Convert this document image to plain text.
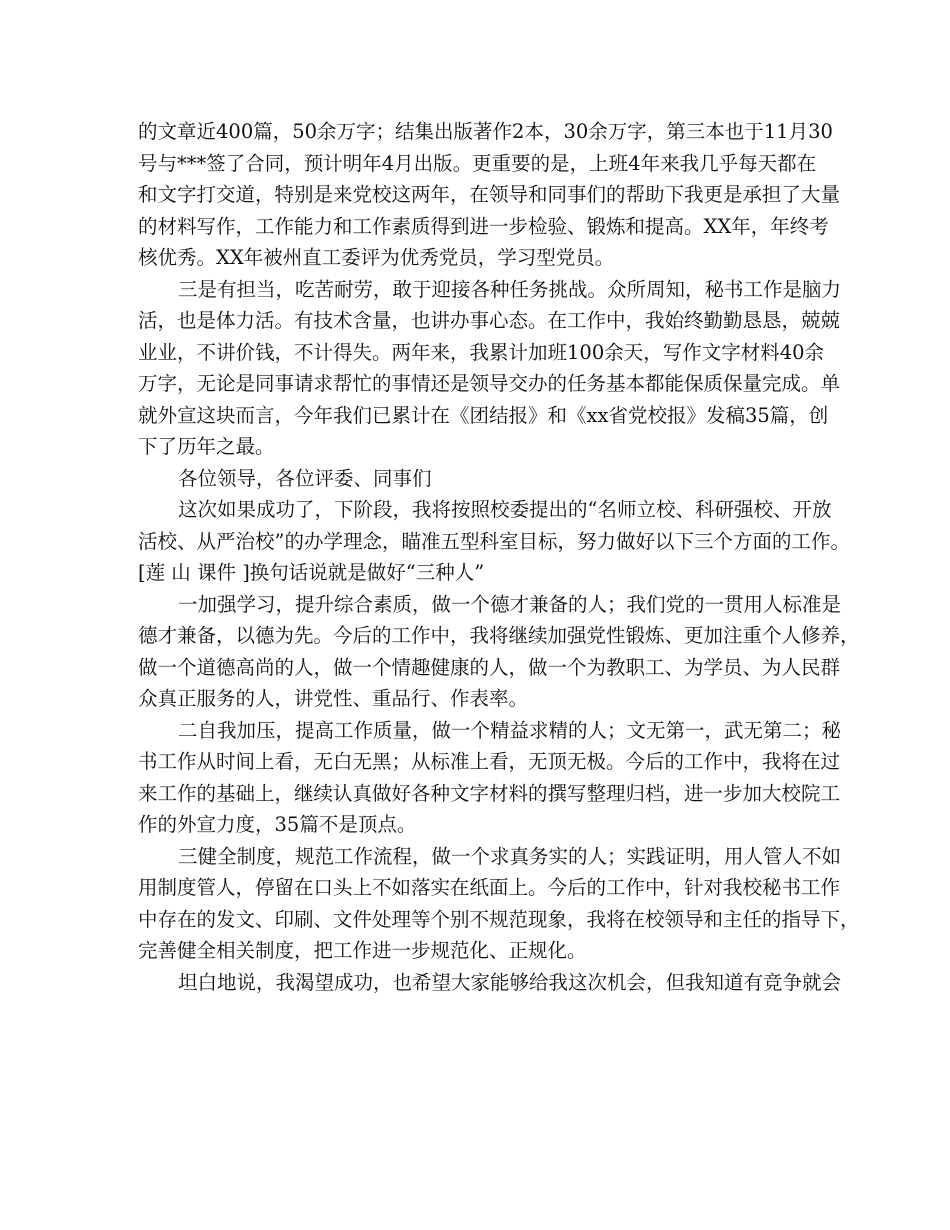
的文章近400篇，50余万字；结集出版著作2本，30余万字，第三本也于11月30
号与***签了合同，预计明年4月出版。更重要的是，上班4年来我几乎每天都在
和文字打交道，特别是来党校这两年，在领导和同事们的帮助下我更是承担了大量
的材料写作，工作能力和工作素质得到进一步检验、锻炼和提高。XX年，年终考
核优秀。XX年被州直工委评为优秀党员，学习型党员。
三是有担当，吃苦耐劳，敢于迎接各种任务挑战。众所周知，秘书工作是脑力
活，也是体力活。有技术含量，也讲办事心态。在工作中，我始终勤勤恳恳，兢兢
业业，不讲价钱，不计得失。两年来，我累计加班100余天，写作文字材料40余
万字，无论是同事请求帮忙的事情还是领导交办的任务基本都能保质保量完成。单
就外宣这块而言，今年我们已累计在《团结报》和《xx省党校报》发稿35篇，创
下了历年之最。
各位领导，各位评委、同事们
这次如果成功了，下阶段，我将按照校委提出的“名师立校、科研强校、开放
活校、从严治校”的办学理念，瞄准五型科室目标，努力做好以下三个方面的工作。
[莲 山 课件 ]换句话说就是做好“三种人”
一加强学习，提升综合素质，做一个德才兼备的人；我们党的一贯用人标准是
德才兼备，以德为先。今后的工作中，我将继续加强党性锻炼、更加注重个人修养，
做一个道德高尚的人，做一个情趣健康的人，做一个为教职工、为学员、为人民群
众真正服务的人，讲党性、重品行、作表率。
二自我加压，提高工作质量，做一个精益求精的人；文无第一，武无第二；秘
书工作从时间上看，无白无黑；从标准上看，无顶无极。今后的工作中，我将在过
来工作的基础上，继续认真做好各种文字材料的撰写整理归档，进一步加大校院工
作的外宣力度，35篇不是顶点。
三健全制度，规范工作流程，做一个求真务实的人；实践证明，用人管人不如
用制度管人，停留在口头上不如落实在纸面上。今后的工作中，针对我校秘书工作
中存在的发文、印刷、文件处理等个别不规范现象，我将在校领导和主任的指导下，
完善健全相关制度，把工作进一步规范化、正规化。
坦白地说，我渴望成功，也希望大家能够给我这次机会，但我知道有竞争就会
